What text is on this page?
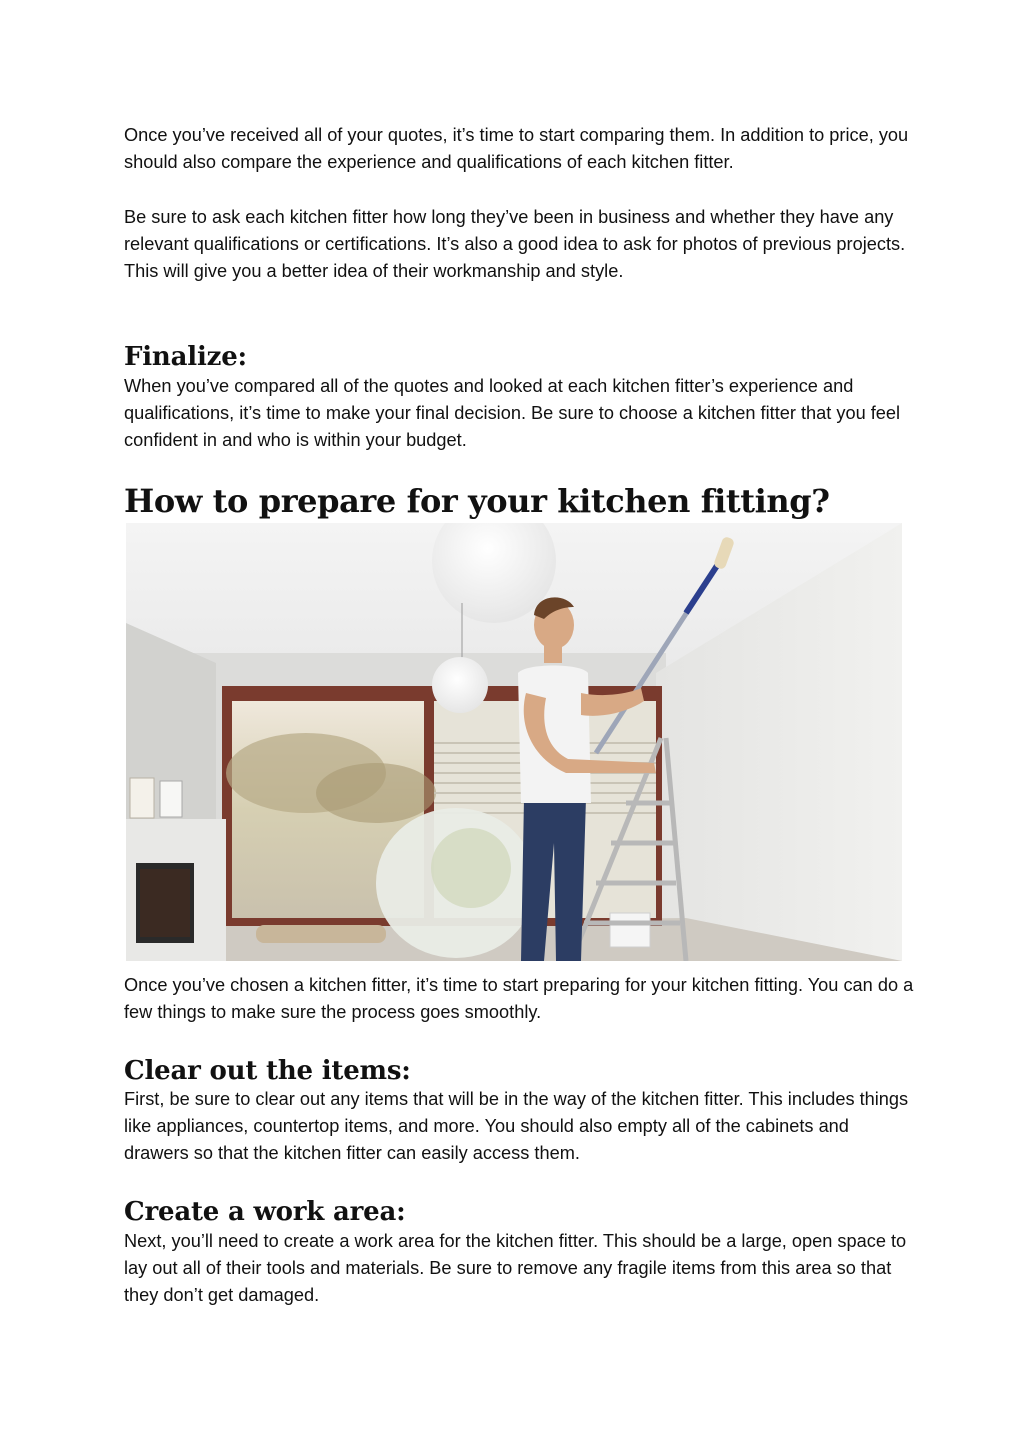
Once you’ve received all of your quotes, it’s time to start comparing them. In addition to price, you should also compare the experience and qualifications of each kitchen fitter.

Be sure to ask each kitchen fitter how long they’ve been in business and whether they have any relevant qualifications or certifications. It’s also a good idea to ask for photos of previous projects. This will give you a better idea of their workmanship and style.

Finalize:

When you’ve compared all of the quotes and looked at each kitchen fitter’s experience and qualifications, it’s time to make your final decision. Be sure to choose a kitchen fitter that you feel confident in and who is within your budget.

How to prepare for your kitchen fitting?

Once you’ve chosen a kitchen fitter, it’s time to start preparing for your kitchen fitting. You can do a few things to make sure the process goes smoothly.

Clear out the items:

First, be sure to clear out any items that will be in the way of the kitchen fitter. This includes things like appliances, countertop items, and more. You should also empty all of the cabinets and drawers so that the kitchen fitter can easily access them.

Create a work area:

Next, you’ll need to create a work area for the kitchen fitter. This should be a large, open space to lay out all of their tools and materials. Be sure to remove any fragile items from this area so that they don’t get damaged.
